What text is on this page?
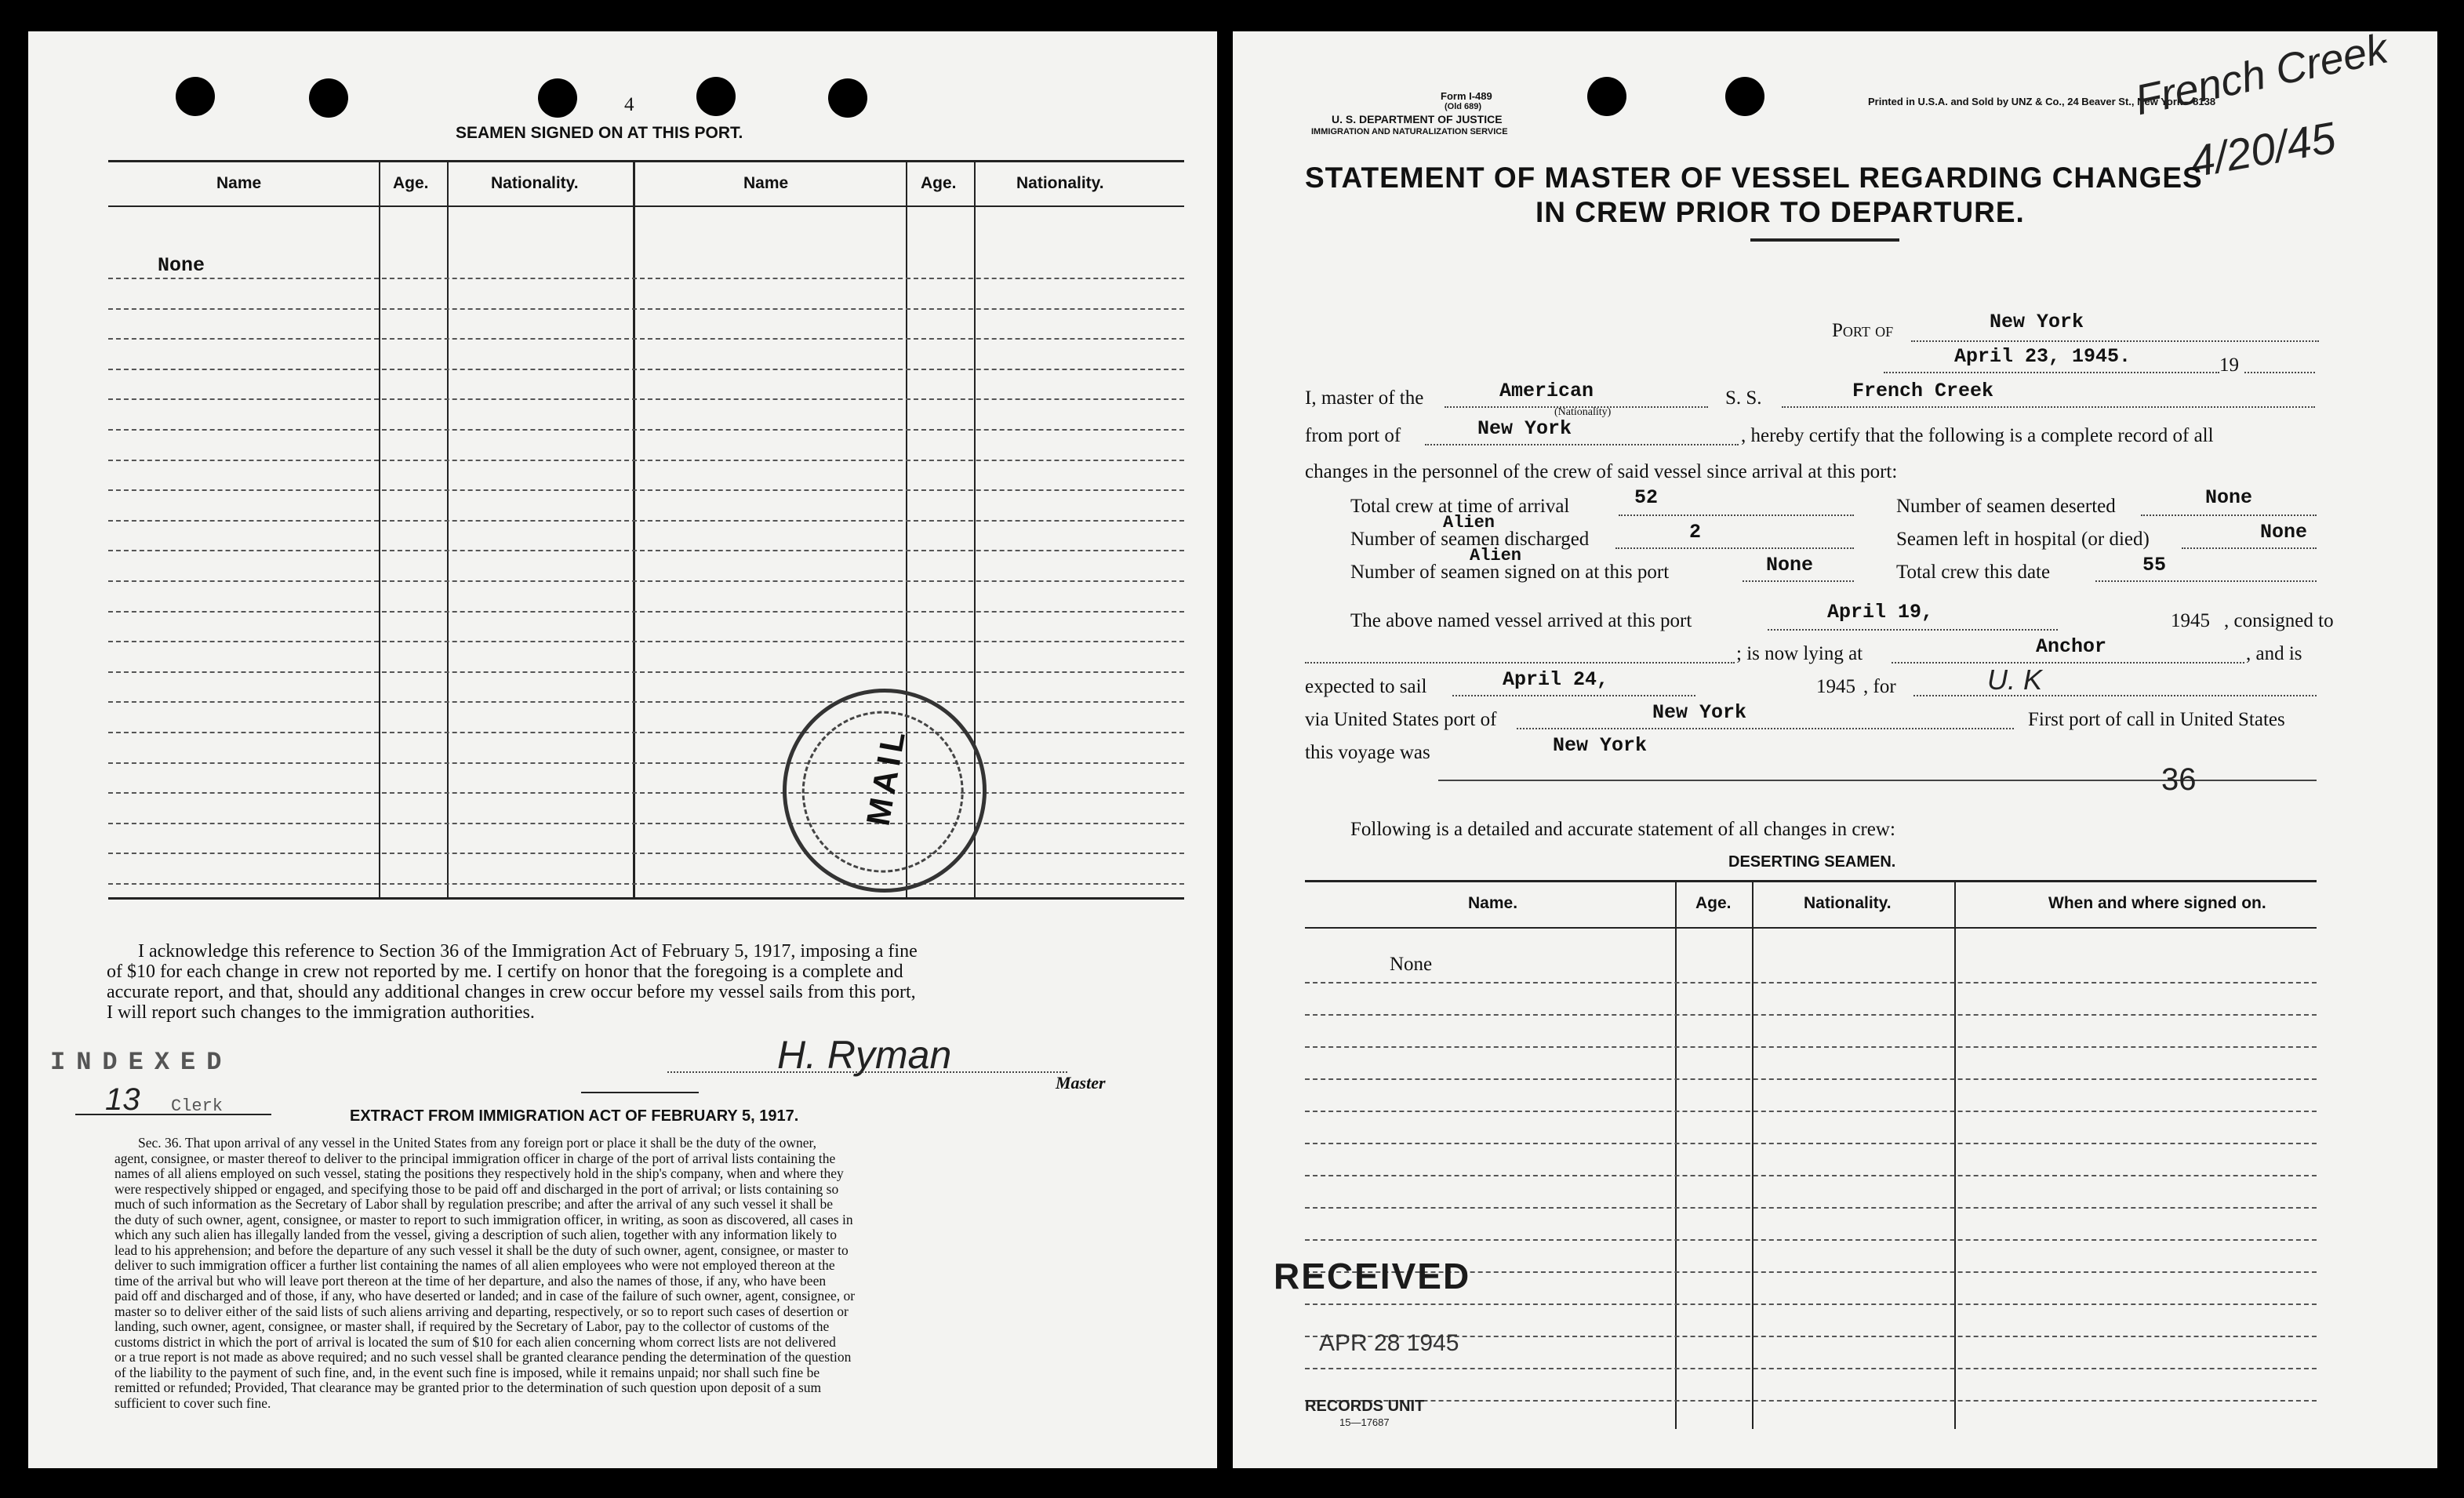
4
SEAMEN SIGNED ON AT THIS PORT.
Name	Age.	Nationality.	Name	Age.	Nationality.
None
MAIL
I acknowledge this reference to Section 36 of the Immigration Act of February 5, 1917, imposing a fine
of $10 for each change in crew not reported by me. I certify on honor that the foregoing is a complete and
accurate report, and that, should any additional changes in crew occur before my vessel sails from this port,
I will report such changes to the immigration authorities.
INDEXED
13 Clerk
H. Ryman
Master
EXTRACT FROM IMMIGRATION ACT OF FEBRUARY 5, 1917.
Sec. 36. That upon arrival of any vessel in the United States from any foreign port or place it shall be the duty of the owner,
agent, consignee, or master thereof to deliver to the principal immigration officer in charge of the port of arrival lists containing the
names of all aliens employed on such vessel, stating the positions they respectively hold in the ship's company, when and where they
were respectively shipped or engaged, and specifying those to be paid off and discharged in the port of arrival; or lists containing so
much of such information as the Secretary of Labor shall by regulation prescribe; and after the arrival of any such vessel it shall be
the duty of such owner, agent, consignee, or master to report to such immigration officer, in writing, as soon as discovered, all cases in
which any such alien has illegally landed from the vessel, giving a description of such alien, together with any information likely to
lead to his apprehension; and before the departure of any such vessel it shall be the duty of such owner, agent, consignee, or master to
deliver to such immigration officer a further list containing the names of all alien employees who were not employed thereon at the
time of the arrival but who will leave port thereon at the time of her departure, and also the names of those, if any, who have been
paid off and discharged and of those, if any, who have deserted or landed; and in case of the failure of such owner, agent, consignee, or
master so to deliver either of the said lists of such aliens arriving and departing, respectively, or so to report such cases of desertion or
landing, such owner, agent, consignee, or master shall, if required by the Secretary of Labor, pay to the collector of customs of the
customs district in which the port of arrival is located the sum of $10 for each alien concerning whom correct lists are not delivered
or a true report is not made as above required; and no such vessel shall be granted clearance pending the determination of the question
of the liability to the payment of such fine, and, in the event such fine is imposed, while it remains unpaid; nor shall such fine be
remitted or refunded; Provided, That clearance may be granted prior to the determination of such question upon deposit of a sum
sufficient to cover such fine.
Form I-489
(Old 689)
U. S. DEPARTMENT OF JUSTICE
IMMIGRATION AND NATURALIZATION SERVICE
Printed in U.S.A. and Sold by UNZ & Co., 24 Beaver St., New York—8138
French Creek
4/20/45
STATEMENT OF MASTER OF VESSEL REGARDING CHANGES
IN CREW PRIOR TO DEPARTURE.
Port of	New York
April 23, 1945.	19
I, master of the	American
(Nationality)
S. S.	French Creek
from port of	New York	, hereby certify that the following is a complete record of all
changes in the personnel of the crew of said vessel since arrival at this port:
Total crew at time of arrival	52	Number of seamen deserted	None
Alien
Number of seamen discharged	2	Seamen left in hospital (or died)	None
Alien
Number of seamen signed on at this port	None	Total crew this date	55
The above named vessel arrived at this port	April 19,	1945 , consigned to
; is now lying at	Anchor	, and is
expected to sail	April 24,	1945 , for	U. K
via United States port of	New York	First port of call in United States
this voyage was	New York
36
Following is a detailed and accurate statement of all changes in crew:
DESERTING SEAMEN.
Name.	Age.	Nationality.	When and where signed on.
None
RECEIVED
APR 28 1945
RECORDS UNIT
15—17687
